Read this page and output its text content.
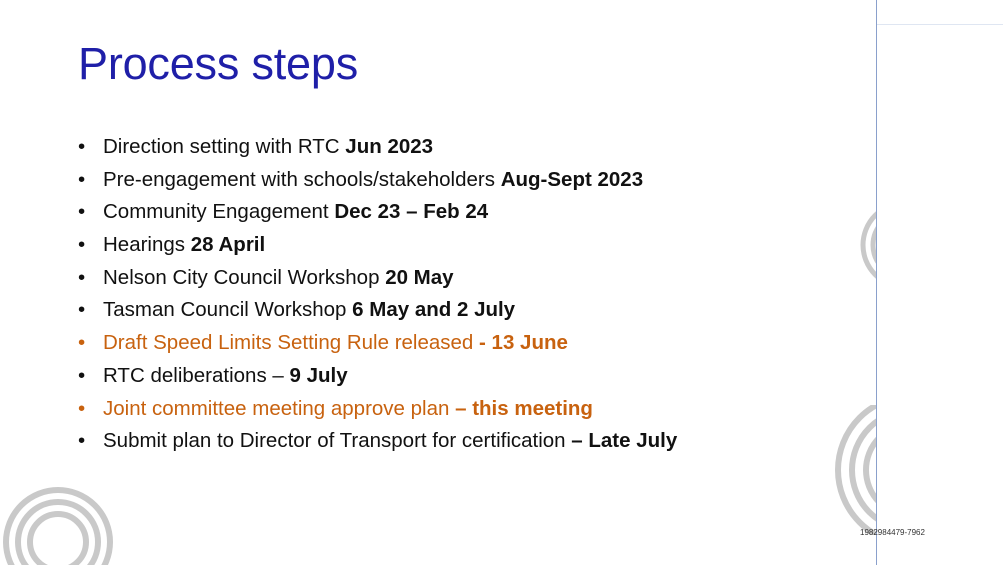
Process steps
• Direction setting with RTC Jun 2023
• Pre-engagement with schools/stakeholders Aug-Sept 2023
• Community Engagement Dec 23 – Feb 24
• Hearings 28 April
• Nelson City Council Workshop 20 May
• Tasman Council Workshop 6 May and 2 July
• Draft Speed Limits Setting Rule released - 13 June
• RTC deliberations – 9 July
• Joint committee meeting approve plan – this meeting
• Submit plan to Director of Transport for certification – Late July
1982984479-7962
